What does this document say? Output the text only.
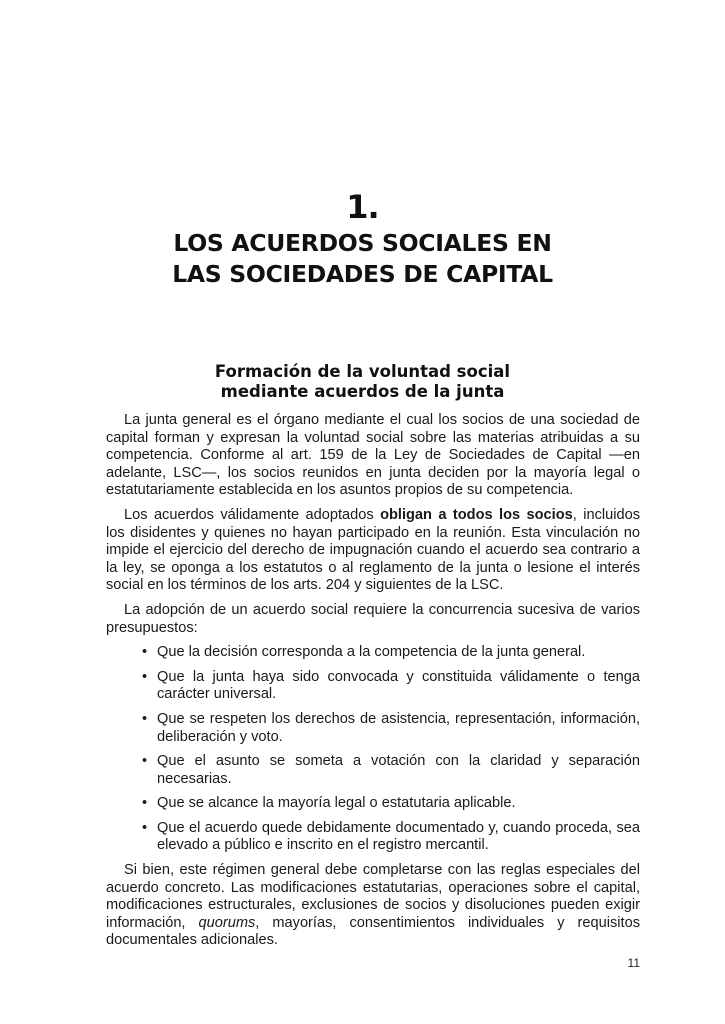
1.
LOS ACUERDOS SOCIALES EN
LAS SOCIEDADES DE CAPITAL
Formación de la voluntad social
mediante acuerdos de la junta

La junta general es el órgano mediante el cual los socios de una sociedad de capital forman y expresan la voluntad social sobre las materias atribuidas a su competencia. Conforme al art. 159 de la Ley de Sociedades de Capital —en adelante, LSC—, los socios reunidos en junta deciden por la mayoría legal o estatutariamente establecida en los asuntos propios de su competencia.

Los acuerdos válidamente adoptados obligan a todos los socios, incluidos los disidentes y quienes no hayan participado en la reunión. Esta vinculación no impide el ejercicio del derecho de impugnación cuando el acuerdo sea contrario a la ley, se oponga a los estatutos o al reglamento de la junta o lesione el interés social en los términos de los arts. 204 y siguientes de la LSC.

La adopción de un acuerdo social requiere la concurrencia sucesiva de varios presupuestos:

• Que la decisión corresponda a la competencia de la junta general.
• Que la junta haya sido convocada y constituida válidamente o tenga carácter universal.
• Que se respeten los derechos de asistencia, representación, información, deliberación y voto.
• Que el asunto se someta a votación con la claridad y separación necesarias.
• Que se alcance la mayoría legal o estatutaria aplicable.
• Que el acuerdo quede debidamente documentado y, cuando proceda, sea elevado a público e inscrito en el registro mercantil.

Si bien, este régimen general debe completarse con las reglas especiales del acuerdo concreto. Las modificaciones estatutarias, operaciones sobre el capital, modificaciones estructurales, exclusiones de socios y disoluciones pueden exigir información, quorums, mayorías, consentimientos individuales y requisitos documentales adicionales.

11
